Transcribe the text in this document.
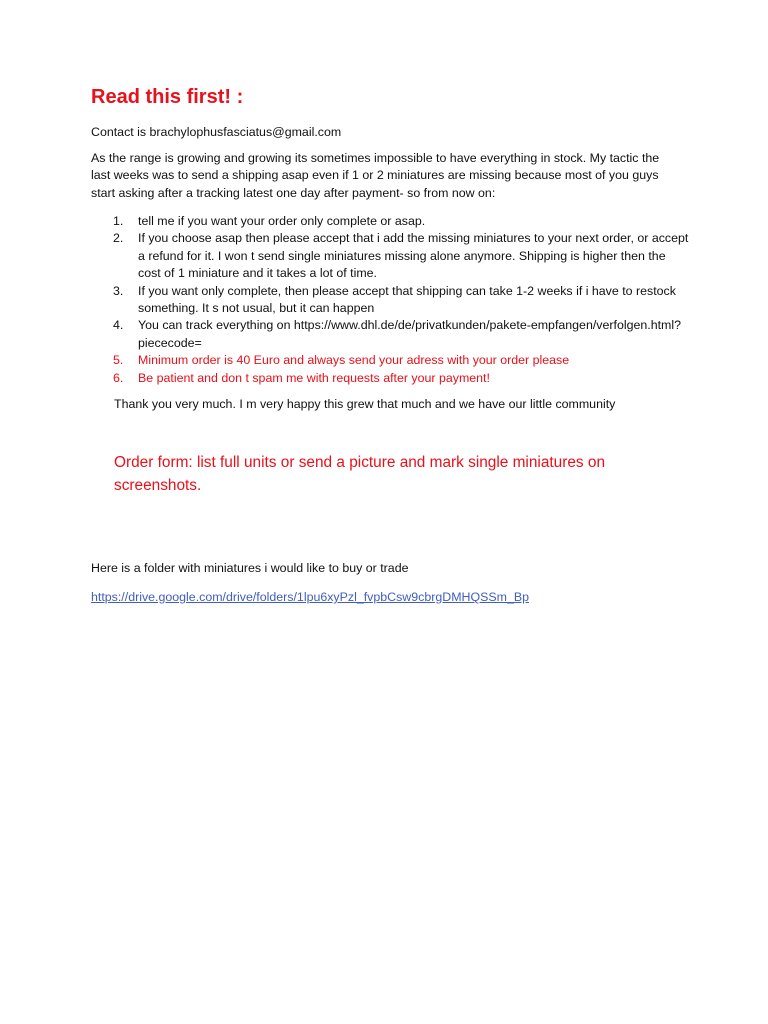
Read this first! :

Contact is brachylophusfasciatus@gmail.com

As the range is growing and growing its sometimes impossible to have everything in stock. My tactic the last weeks was to send a shipping asap even if 1 or 2 miniatures are missing because most of you guys start asking after a tracking latest one day after payment- so from now on:

1. tell me if you want your order only complete or asap.
2. If you choose asap then please accept that i add the missing miniatures to your next order, or accept a refund for it. I won t send single miniatures missing alone anymore. Shipping is higher then the cost of 1 miniature and it takes a lot of time.
3. If you want only complete, then please accept that shipping can take 1-2 weeks if i have to restock something. It s not usual, but it can happen
4. You can track everything on https://www.dhl.de/de/privatkunden/pakete-empfangen/verfolgen.html?piececode=
5. Minimum order is 40 Euro and always send your adress with your order please
6. Be patient and don t spam me with requests after your payment!

Thank you very much. I m very happy this grew that much and we have our little community

Order form: list full units or send a picture and mark single miniatures on screenshots.

Here is a folder with miniatures i would like to buy or trade

https://drive.google.com/drive/folders/1lpu6xyPzl_fvpbCsw9cbrgDMHQSSm_Bp
